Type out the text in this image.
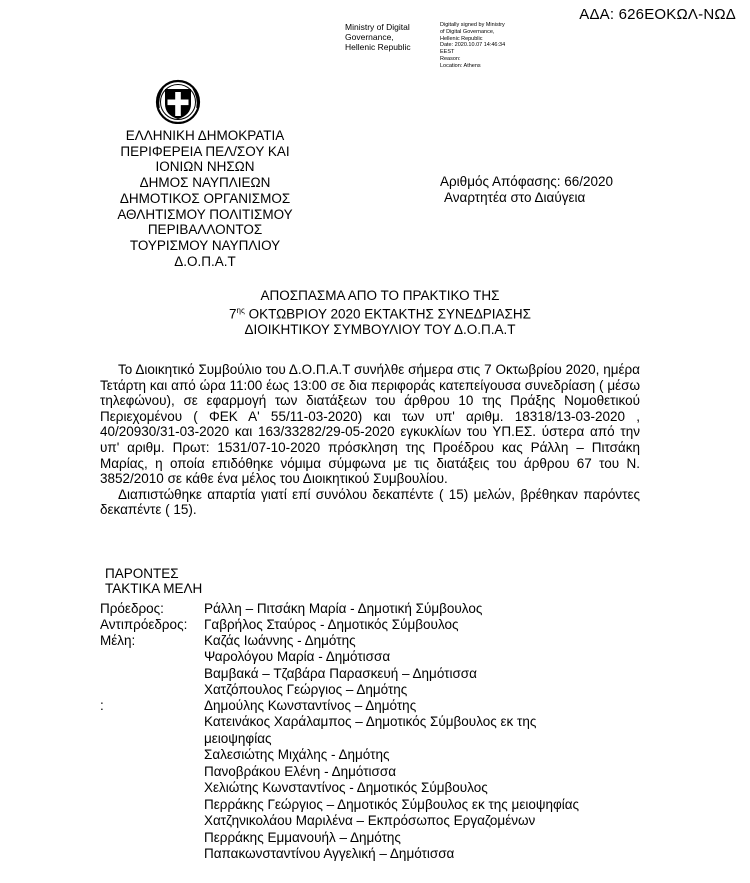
ΑΔΑ: 626ΕΟΚΩΛ-ΝΩΔ
Ministry of Digital
Governance,
Hellenic Republic
Digitally signed by Ministry
of Digital Governance,
Hellenic Republic
Date: 2020.10.07 14:46:34
EEST
Reason:
Location: Athens
ΕΛΛΗΝΙΚΗ ΔΗΜΟΚΡΑΤΙΑ
ΠΕΡΙΦΕΡΕΙΑ ΠΕΛ/ΣΟΥ ΚΑΙ
ΙΟΝΙΩΝ ΝΗΣΩΝ
ΔΗΜΟΣ ΝΑΥΠΛΙΕΩΝ
ΔΗΜΟΤΙΚΟΣ ΟΡΓΑΝΙΣΜΟΣ
ΑΘΛΗΤΙΣΜΟΥ ΠΟΛΙΤΙΣΜΟΥ
ΠΕΡΙΒΑΛΛΟΝΤΟΣ
ΤΟΥΡΙΣΜΟΥ ΝΑΥΠΛΙΟΥ
Δ.Ο.Π.Α.Τ
Αριθμός Απόφασης: 66/2020
Αναρτητέα στο Διαύγεια
ΑΠΟΣΠΑΣΜΑ ΑΠΟ ΤΟ ΠΡΑΚΤΙΚΟ ΤΗΣ
$7^{\eta\varsigma}$ ΟΚΤΩΒΡΙΟΥ 2020 ΕΚΤΑΚΤΗΣ ΣΥΝΕΔΡΙΑΣΗΣ
ΔΙΟΙΚΗΤΙΚΟΥ ΣΥΜΒΟΥΛΙΟΥ ΤΟΥ Δ.Ο.Π.Α.Τ

Το Διοικητικό Συμβούλιο του Δ.Ο.Π.Α.Τ συνήλθε σήμερα στις 7 Οκτωβρίου 2020, ημέρα Τετάρτη και από ώρα 11:00 έως 13:00 σε δια περιφοράς κατεπείγουσα συνεδρίαση ( μέσω τηλεφώνου), σε εφαρμογή των διατάξεων του άρθρου 10 της Πράξης Νομοθετικού Περιεχομένου ( ΦΕΚ Α' 55/11-03-2020) και των υπ' αριθμ. 18318/13-03-2020 , 40/20930/31-03-2020 και 163/33282/29-05-2020 εγκυκλίων του ΥΠ.ΕΣ. ύστερα από την υπ' αριθμ. Πρωτ: 1531/07-10-2020 πρόσκληση της Προέδρου κας Ράλλη – Πιτσάκη Μαρίας, η οποία επιδόθηκε νόμιμα σύμφωνα με τις διατάξεις του άρθρου 67 του Ν. 3852/2010 σε κάθε ένα μέλος του Διοικητικού Συμβουλίου.

Διαπιστώθηκε απαρτία γιατί επί συνόλου δεκαπέντε ( 15) μελών, βρέθηκαν παρόντες δεκαπέντε ( 15).

ΠΑΡΟΝΤΕΣ
ΤΑΚΤΙΚΑ ΜΕΛΗ
Πρόεδρος:	Ράλλη – Πιτσάκη Μαρία - Δημοτική Σύμβουλος
Αντιπρόεδρος: Γαβρήλος Σταύρος - Δημοτικός Σύμβουλος
Μέλη:
:
Καζάς Ιωάννης - Δημότης
Ψαρολόγου Μαρία - Δημότισσα
Βαμβακά – Τζαβάρα Παρασκευή – Δημότισσα
Χατζόπουλος Γεώργιος – Δημότης
Δημούλης Κωνσταντίνος – Δημότης
Κατεινάκος Χαράλαμπος – Δημοτικός Σύμβουλος εκ της
μειοψηφίας
Σαλεσιώτης Μιχάλης - Δημότης
Πανοβράκου Ελένη - Δημότισσα
Χελιώτης Κωνσταντίνος - Δημοτικός Σύμβουλος
Περράκης Γεώργιος – Δημοτικός Σύμβουλος εκ της μειοψηφίας
Χατζηνικολάου Μαριλένα – Εκπρόσωπος Εργαζομένων
Περράκης Εμμανουήλ – Δημότης
Παπακωνσταντίνου Αγγελική – Δημότισσα
